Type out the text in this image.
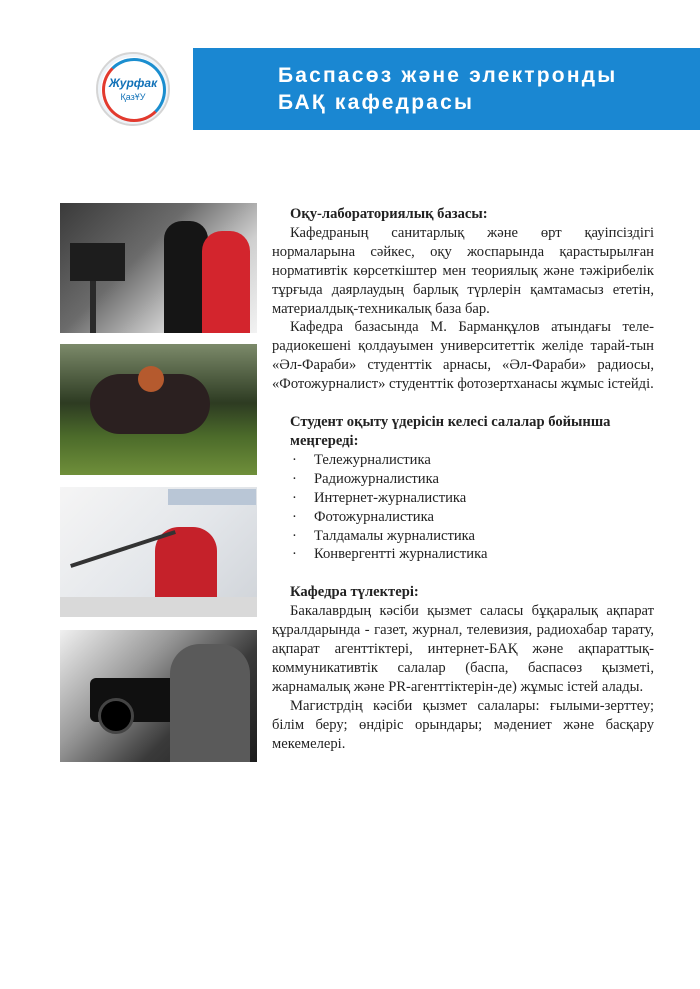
Журфак
ҚазҰУ
Баспасөз және электронды
БАҚ кафедрасы
Оқу-лабораториялық базасы:

Кафедраның санитарлық және өрт қауіпсіздігі нормаларына сәйкес, оқу жоспарында қарастырылған нормативтік көрсеткіштер мен теориялық және тәжірибелік тұрғыда даярлаудың барлық түрлерін қамтамасыз ететін, материалдық-техникалық база бар.

Кафедра базасында М. Барманқұлов атындағы теле-радиокешені қолдауымен университеттік желіде тарай-тын «Әл-Фараби» студенттік арнасы, «Әл-Фараби» радиосы, «Фотожурналист» студенттік фотозертханасы жұмыс істейді.

Студент оқыту үдерісін келесі салалар бойынша меңгереді:
· Тележурналистика
· Радиожурналистика
· Интернет-журналистика
· Фотожурналистика
· Талдамалы журналистика
· Конвергентті журналистика
Кафедра түлектері:

Бакалаврдың кәсіби қызмет саласы бұқаралық ақпарат құралдарында - газет, журнал, телевизия, радиохабар тарату, ақпарат агенттіктері, интернет-БАҚ және ақпараттық-коммуникативтік салалар (баспа, баспасөз қызметі, жарнамалық және PR-агенттіктерін-де) жұмыс істей алады.

Магистрдің кәсіби қызмет салалары: ғылыми-зерттеу; білім беру; өндіріс орындары; мәдениет және басқару мекемелері.
